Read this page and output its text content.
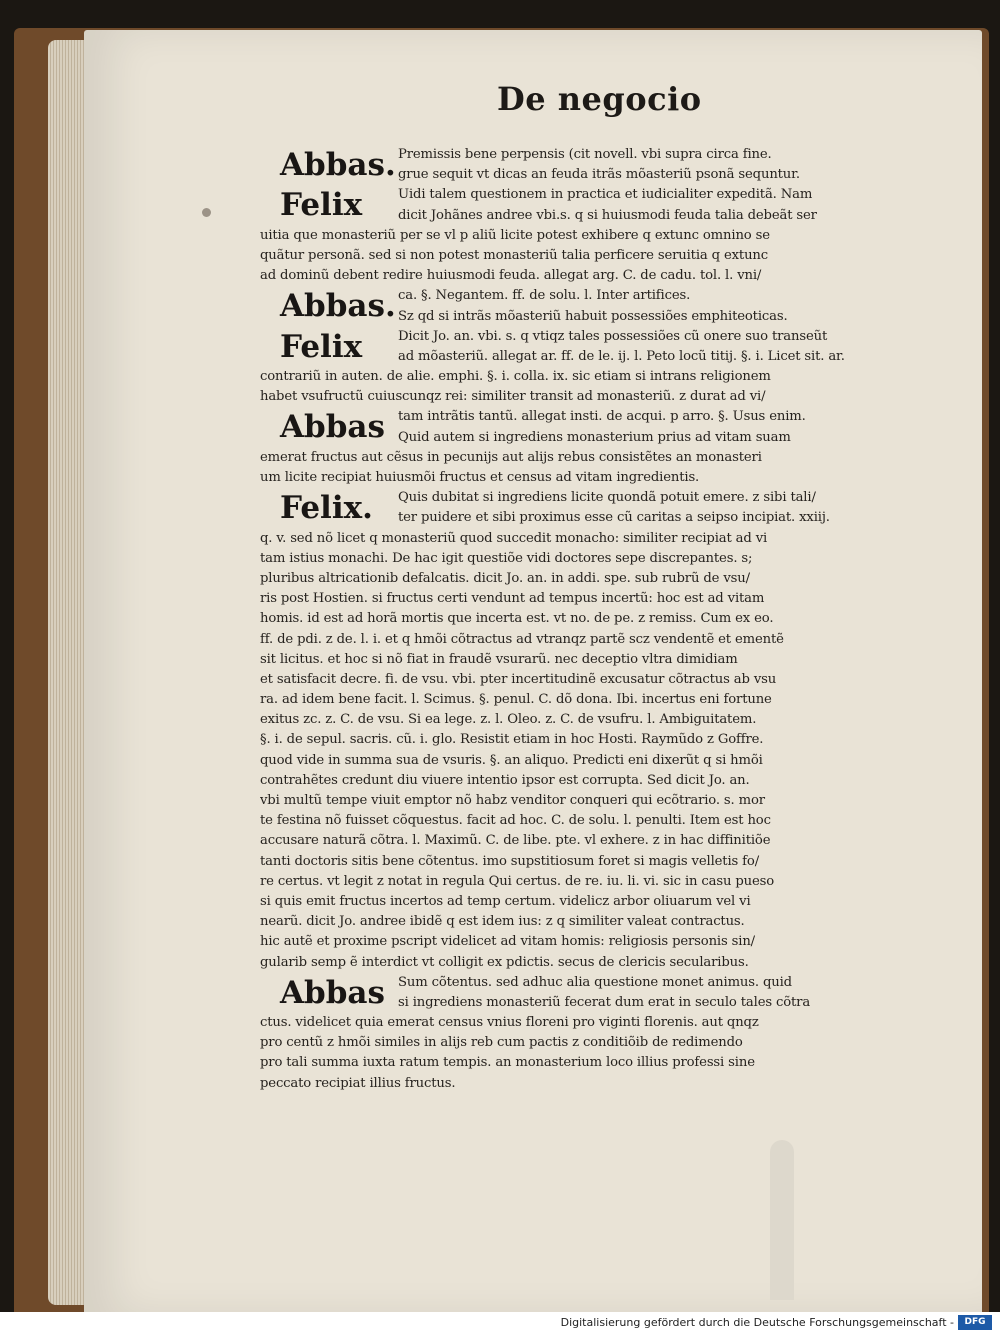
De negocio
Abbas. Premissis bene perpensis (cit novell. vbi supra circa fine.
grue sequit vt dicas an feuda itrãs mõasteriũ psonã sequntur.
Felix	Uidi talem questionem in practica et iudicialiter expeditã. Nam
dicit Johãnes andree vbi.s. q si huiusmodi feuda talia debeãt ser
uitia que monasteriũ per se vl p aliũ licite potest exhibere q extunc omnino se
quãtur personã. sed si non potest monasteriũ talia perficere seruitia q extunc
ad dominũ debent redire huiusmodi feuda. allegat arg. C. de cadu. tol. l. vni/
Abbas. ca. §. Negantem. ff. de solu. l. Inter artifices.
Sz qd si intrãs mõasteriũ habuit possessiões emphiteoticas.
Felix	Dicit Jo. an. vbi. s. q vtiqz tales possessiões cũ onere suo transeũt
ad mõasteriũ. allegat ar. ff. de le. ij. l. Peto locũ titij. §. i. Licet sit. ar.
contrariũ in auten. de alie. emphi. §. i. colla. ix. sic etiam si intrans religionem
habet vsufructũ cuiuscunqz rei: similiter transit ad monasteriũ. z durat ad vi/
Abbas tam intrãtis tantũ. allegat insti. de acqui. p arro. §. Usus enim.
Quid autem si ingrediens monasterium prius ad vitam suam
emerat fructus aut cẽsus in pecunijs aut alijs rebus consistẽtes an monasteri
um licite recipiat huiusmõi fructus et census ad vitam ingredientis.
Felix. Quis dubitat si ingrediens licite quondã potuit emere. z sibi tali/
ter puidere et sibi proximus esse cũ caritas a seipso incipiat. xxiij.
q. v. sed nõ licet q monasteriũ quod succedit monacho: similiter recipiat ad vi
tam istius monachi. De hac igit questiõe vidi doctores sepe discrepantes. s;
pluribus altricationib defalcatis. dicit Jo. an. in addi. spe. sub rubrũ de vsu/
ris post Hostien. si fructus certi vendunt ad tempus incertũ: hoc est ad vitam
homis. id est ad horã mortis que incerta est. vt no. de pe. z remiss. Cum ex eo.
ff. de pdi. z de. l. i. et q hmõi cõtractus ad vtranqz partẽ scz vendentẽ et ementẽ
sit licitus. et hoc si nõ fiat in fraudẽ vsurarũ. nec deceptio vltra dimidiam
et satisfacit decre. fi. de vsu. vbi. pter incertitudinẽ excusatur cõtractus ab vsu
ra. ad idem bene facit. l. Scimus. §. penul. C. dõ dona. Ibi. incertus eni fortune
exitus zc. z. C. de vsu. Si ea lege. z. l. Oleo. z. C. de vsufru. l. Ambiguitatem.
§. i. de sepul. sacris. cũ. i. glo. Resistit etiam in hoc Hosti. Raymũdo z Goffre.
quod vide in summa sua de vsuris. §. an aliquo. Predicti eni dixerũt q si hmõi
contrahẽtes credunt diu viuere intentio ipsor est corrupta. Sed dicit Jo. an.
vbi multũ tempe viuit emptor nõ habz venditor conqueri qui ecõtrario. s. mor
te festina nõ fuisset cõquestus. facit ad hoc. C. de solu. l. penulti. Item est hoc
accusare naturã cõtra. l. Maximũ. C. de libe. pte. vl exhere. z in hac diffinitiõe
tanti doctoris sitis bene cõtentus. imo supstitiosum foret si magis velletis fo/
re certus. vt legit z notat in regula Qui certus. de re. iu. li. vi. sic in casu pueso
si quis emit fructus incertos ad temp certum. videlicz arbor oliuarum vel vi
nearũ. dicit Jo. andree ibidẽ q est idem ius: z q similiter valeat contractus.
hic autẽ et proxime pscript videlicet ad vitam homis: religiosis personis sin/
gularib semp ẽ interdict vt colligit ex pdictis. secus de clericis secularibus.
Abbas Sum cõtentus. sed adhuc alia questione monet animus. quid
si ingrediens monasteriũ fecerat dum erat in seculo tales cõtra
ctus. videlicet quia emerat census vnius floreni pro viginti florenis. aut qnqz
pro centũ z hmõi similes in alijs reb cum pactis z conditiõib de redimendo
pro tali summa iuxta ratum tempis. an monasterium loco illius professi sine
peccato recipiat illius fructus.
Digitalisierung gefördert durch die Deutsche Forschungsgemeinschaft -	DFG
